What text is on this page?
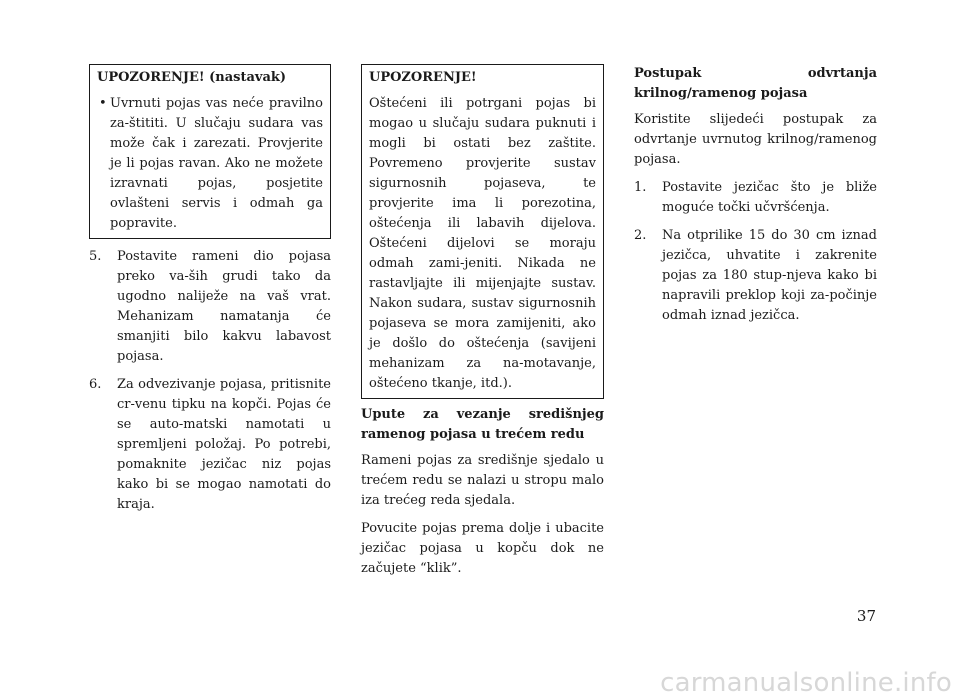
UPOZORENJE! (nastavak)
• Uvrnuti pojas vas neće pravilno za-štititi. U slučaju sudara vas može čak i zarezati. Provjerite je li pojas ravan. Ako ne možete izravnati pojas, posjetite ovlašteni servis i odmah ga popravite.
5. Postavite rameni dio pojasa preko va-ših grudi tako da ugodno naliježe na vaš vrat. Mehanizam namatanja će smanjiti bilo kakvu labavost pojasa.
6. Za odvezivanje pojasa, pritisnite cr-venu tipku na kopči. Pojas će se auto-matski namotati u spremljeni položaj. Po potrebi, pomaknite jezičac niz pojas kako bi se mogao namotati do kraja.
UPOZORENJE!
Oštećeni ili potrgani pojas bi mogao u slučaju sudara puknuti i mogli bi ostati bez zaštite. Povremeno provjerite sustav sigurnosnih pojaseva, te provjerite ima li porezotina, oštećenja ili labavih dijelova. Oštećeni dijelovi se moraju odmah zami-jeniti. Nikada ne rastavljajte ili mijenjajte sustav. Nakon sudara, sustav sigurnosnih pojaseva se mora zamijeniti, ako je došlo do oštećenja (savijeni mehanizam za na-motavanje, oštećeno tkanje, itd.).
Upute za vezanje središnjeg ramenog pojasa u trećem redu
Rameni pojas za središnje sjedalo u trećem redu se nalazi u stropu malo iza trećeg reda sjedala.
Povucite pojas prema dolje i ubacite jezičac pojasa u kopču dok ne začujete “klik”.
Postupak odvrtanja krilnog/ramenog pojasa
Koristite slijedeći postupak za odvrtanje uvrnutog krilnog/ramenog pojasa.
1. Postavite jezičac što je bliže moguće točki učvršćenja.
2. Na otprilike 15 do 30 cm iznad jezičca, uhvatite i zakrenite pojas za 180 stup-njeva kako bi napravili preklop koji za-počinje odmah iznad jezičca.
37
carmanualsonline.info
